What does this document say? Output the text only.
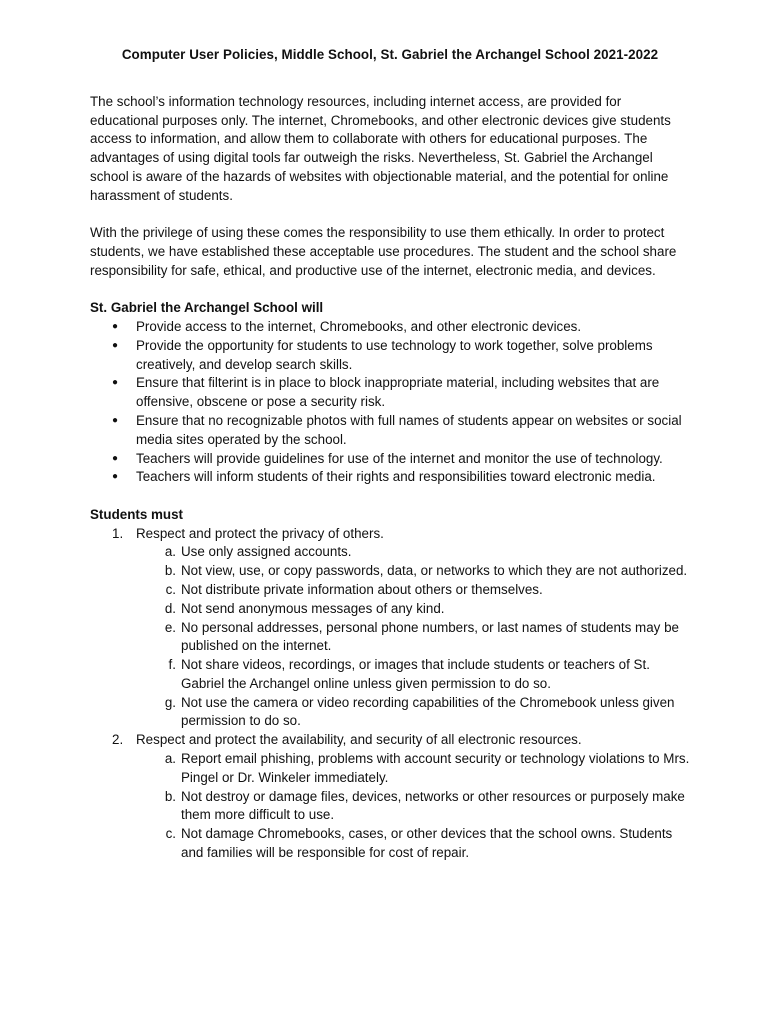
Computer User Policies, Middle School, St. Gabriel the Archangel School 2021-2022

The school’s information technology resources, including internet access, are provided for educational purposes only. The internet, Chromebooks, and other electronic devices give students access to information, and allow them to collaborate with others for educational purposes. The advantages of using digital tools far outweigh the risks. Nevertheless, St. Gabriel the Archangel school is aware of the hazards of websites with objectionable material, and the potential for online harassment of students.

With the privilege of using these comes the responsibility to use them ethically. In order to protect students, we have established these acceptable use procedures. The student and the school share responsibility for safe, ethical, and productive use of the internet, electronic media, and devices.

St. Gabriel the Archangel School will
● Provide access to the internet, Chromebooks, and other electronic devices.
● Provide the opportunity for students to use technology to work together, solve problems creatively, and develop search skills.
● Ensure that filterint is in place to block inappropriate material, including websites that are offensive, obscene or pose a security risk.
● Ensure that no recognizable photos with full names of students appear on websites or social media sites operated by the school.
● Teachers will provide guidelines for use of the internet and monitor the use of technology.
● Teachers will inform students of their rights and responsibilities toward electronic media.
Students must
1. Respect and protect the privacy of others.
a. Use only assigned accounts.
b. Not view, use, or copy passwords, data, or networks to which they are not authorized.
c. Not distribute private information about others or themselves.
d. Not send anonymous messages of any kind.
e. No personal addresses, personal phone numbers, or last names of students may be published on the internet.
f. Not share videos, recordings, or images that include students or teachers of St. Gabriel the Archangel online unless given permission to do so.
g. Not use the camera or video recording capabilities of the Chromebook unless given permission to do so.
2. Respect and protect the availability, and security of all electronic resources.
a. Report email phishing, problems with account security or technology violations to Mrs. Pingel or Dr. Winkeler immediately.
b. Not destroy or damage files, devices, networks or other resources or purposely make them more difficult to use.
c. Not damage Chromebooks, cases, or other devices that the school owns. Students and families will be responsible for cost of repair.
